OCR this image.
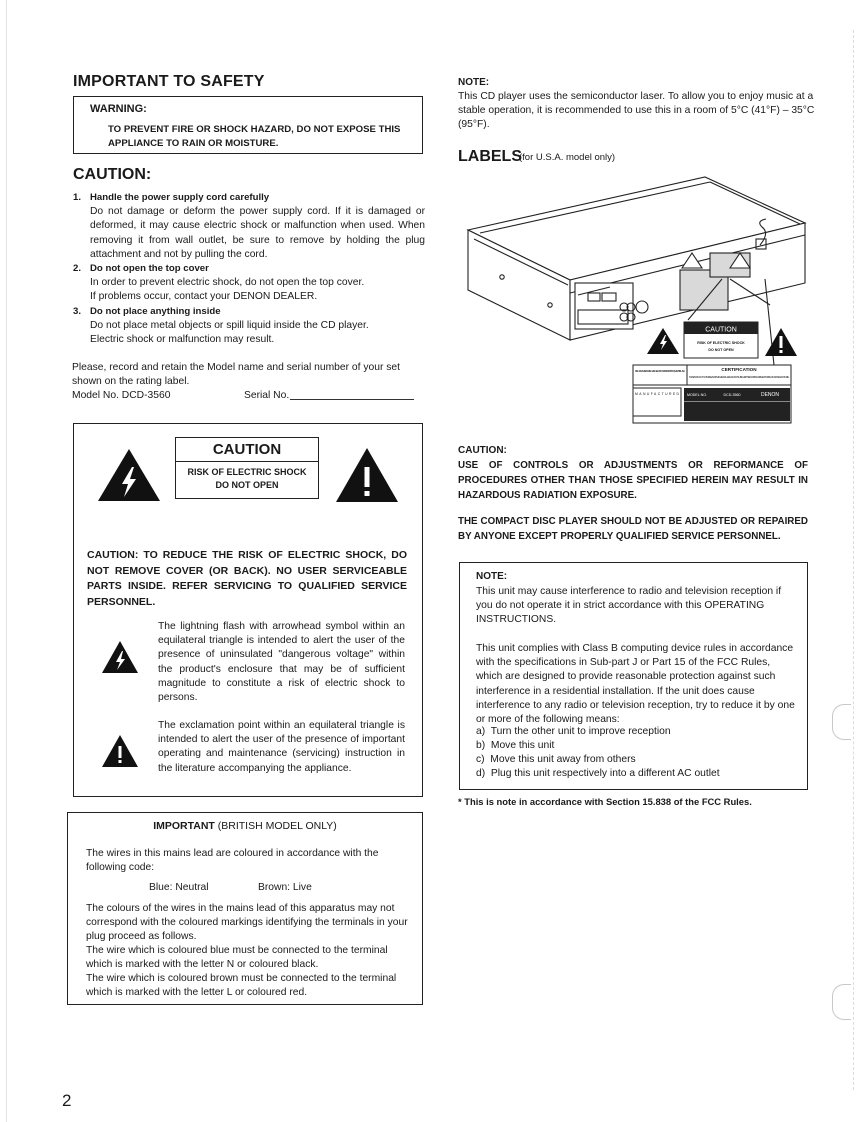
IMPORTANT TO SAFETY
WARNING:
TO PREVENT FIRE OR SHOCK HAZARD, DO NOT EXPOSE THIS APPLIANCE TO RAIN OR MOISTURE.
CAUTION:
1. Handle the power supply cord carefully
Do not damage or deform the power supply cord. If it is damaged or deformed, it may cause electric shock or malfunction when used. When removing it from wall outlet, be sure to remove by holding the plug attachment and not by pulling the cord.
2. Do not open the top cover
In order to prevent electric shock, do not open the top cover. If problems occur, contact your DENON DEALER.
3. Do not place anything inside
Do not place metal objects or spill liquid inside the CD player. Electric shock or malfunction may result.
Please, record and retain the Model name and serial number of your set shown on the rating label.
Model No. DCD-3560	Serial No.
CAUTION
RISK OF ELECTRIC SHOCK
DO NOT OPEN
CAUTION: TO REDUCE THE RISK OF ELECTRIC SHOCK, DO NOT REMOVE COVER (OR BACK). NO USER SERVICEABLE PARTS INSIDE. REFER SERVICING TO QUALIFIED SERVICE PERSONNEL.
The lightning flash with arrowhead symbol within an equilateral triangle is intended to alert the user of the presence of uninsulated "dangerous voltage" within the product's enclosure that may be of sufficient magnitude to constitute a risk of electric shock to persons.
The exclamation point within an equilateral triangle is intended to alert the user of the presence of important operating and maintenance (servicing) instruction in the literature accompanying the appliance.
IMPORTANT (BRITISH MODEL ONLY)
The wires in this mains lead are coloured in accordance with the following code:
Blue: Neutral	Brown: Live
The colours of the wires in the mains lead of this apparatus may not correspond with the coloured markings identifying the terminals in your plug proceed as follows.
The wire which is coloured blue must be connected to the terminal which is marked with the letter N or coloured black.
The wire which is coloured brown must be connected to the terminal which is marked with the letter L or coloured red.
2
NOTE:
This CD player uses the semiconductor laser. To allow you to enjoy music at a stable operation, it is recommended to use this in a room of 5°C (41°F) – 35°C (95°F).
LABELS
(for U.S.A. model only)
CAUTION
RISK OF ELECTRIC SHOCK
DO NOT OPEN
DENON AMERICA INC. 222 NEW ROAD PARSIPPANY, N.J. 07054 U.S.A.	CERTIFICATION
THIS PRODUCT COMPLIES WITH DHHS RULES 21 CFR SUBCHAPTER J APPLICABLE AT DATE OF MANUFACTURE
MANUFACTURED MODEL NO.	DCD-3560	DENON
CAUTION:
USE OF CONTROLS OR ADJUSTMENTS OR REFORMANCE OF PROCEDURES OTHER THAN THOSE SPECIFIED HEREIN MAY RESULT IN HAZARDOUS RADIATION EXPOSURE.
THE COMPACT DISC PLAYER SHOULD NOT BE ADJUSTED OR REPAIRED BY ANYONE EXCEPT PROPERLY QUALIFIED SERVICE PERSONNEL.
NOTE:
This unit may cause interference to radio and television reception if you do not operate it in strict accordance with this OPERATING INSTRUCTIONS.
This unit complies with Class B computing device rules in accordance with the specifications in Sub-part J or Part 15 of the FCC Rules, which are designed to provide reasonable protection against such interference in a residential installation. If the unit does cause interference to any radio or television reception, try to reduce it by one or more of the following means:
a)  Turn the other unit to improve reception
b)  Move this unit
c)  Move this unit away from others
d)  Plug this unit respectively into a different AC outlet
* This is note in accordance with Section 15.838 of the FCC Rules.
